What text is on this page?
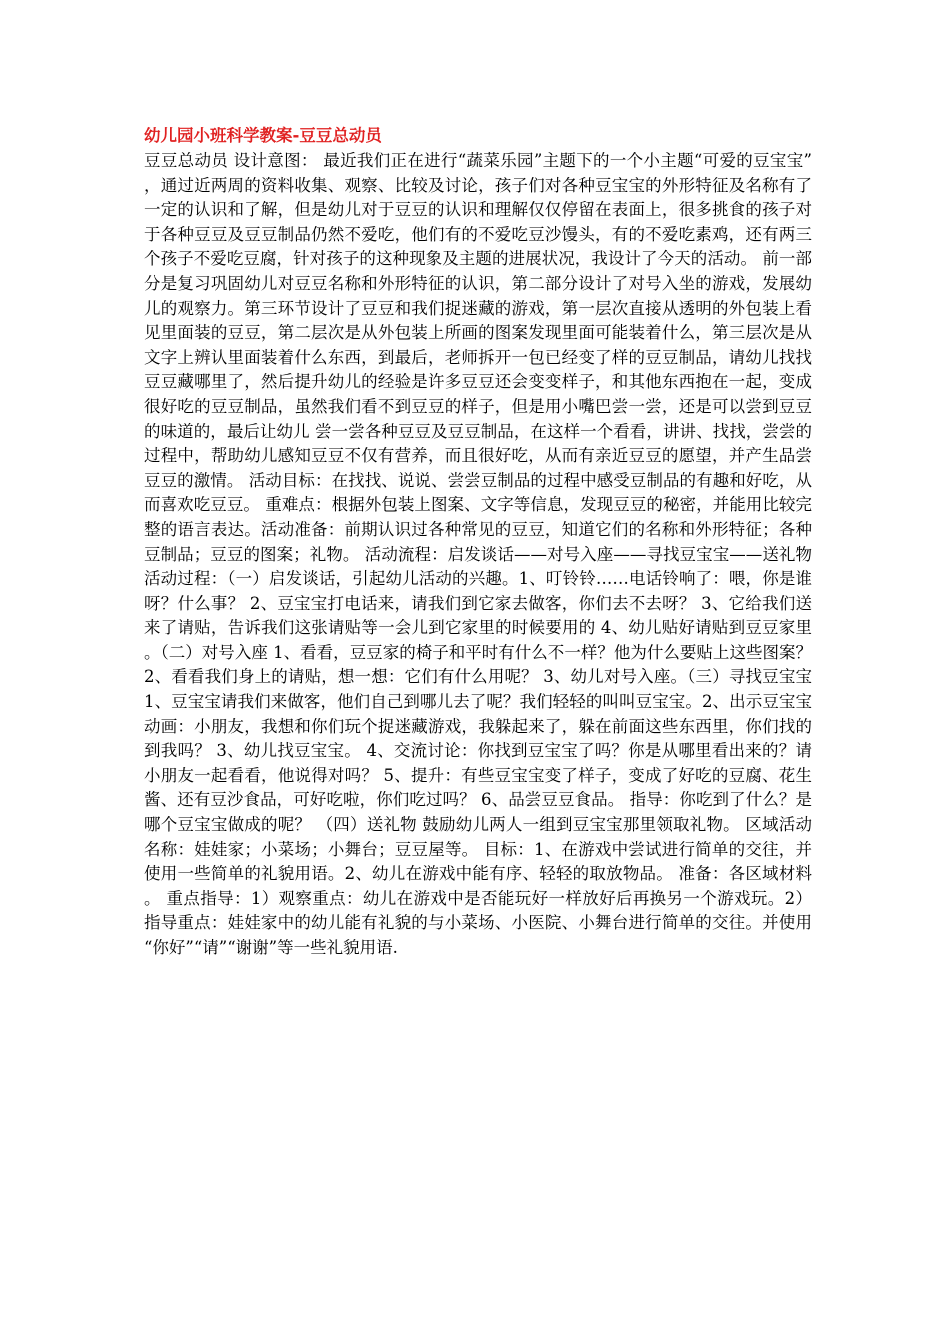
幼儿园小班科学教案-豆豆总动员

豆豆总动员 设计意图： 最近我们正在进行“蔬菜乐园”主题下的一个小主题“可爱的豆宝宝”，通过近两周的资料收集、观察、比较及讨论，孩子们对各种豆宝宝的外形特征及名称有了一定的认识和了解，但是幼儿对于豆豆的认识和理解仅仅停留在表面上，很多挑食的孩子对于各种豆豆及豆豆制品仍然不爱吃，他们有的不爱吃豆沙馒头，有的不爱吃素鸡，还有两三个孩子不爱吃豆腐，针对孩子的这种现象及主题的进展状况，我设计了今天的活动。 前一部分是复习巩固幼儿对豆豆名称和外形特征的认识，第二部分设计了对号入坐的游戏，发展幼儿的观察力。第三环节设计了豆豆和我们捉迷藏的游戏，第一层次直接从透明的外包装上看见里面装的豆豆，第二层次是从外包装上所画的图案发现里面可能装着什么，第三层次是从文字上辨认里面装着什么东西，到最后，老师拆开一包已经变了样的豆豆制品，请幼儿找找豆豆藏哪里了，然后提升幼儿的经验是许多豆豆还会变变样子，和其他东西抱在一起，变成很好吃的豆豆制品，虽然我们看不到豆豆的样子，但是用小嘴巴尝一尝，还是可以尝到豆豆的味道的，最后让幼儿 尝一尝各种豆豆及豆豆制品，在这样一个看看，讲讲、找找，尝尝的过程中，帮助幼儿感知豆豆不仅有营养，而且很好吃，从而有亲近豆豆的愿望，并产生品尝豆豆的激情。 活动目标：在找找、说说、尝尝豆制品的过程中感受豆制品的有趣和好吃，从而喜欢吃豆豆。 重难点：根据外包装上图案、文字等信息，发现豆豆的秘密，并能用比较完整的语言表达。活动准备：前期认识过各种常见的豆豆，知道它们的名称和外形特征；各种豆制品；豆豆的图案；礼物。 活动流程：启发谈话——对号入座——寻找豆宝宝——送礼物 活动过程：（一）启发谈话，引起幼儿活动的兴趣。1、叮铃铃……电话铃响了：喂，你是谁呀？什么事？ 2、豆宝宝打电话来，请我们到它家去做客，你们去不去呀？ 3、它给我们送来了请贴，告诉我们这张请贴等一会儿到它家里的时候要用的 4、幼儿贴好请贴到豆豆家里。（二）对号入座 1、看看，豆豆家的椅子和平时有什么不一样？他为什么要贴上这些图案？ 2、看看我们身上的请贴，想一想：它们有什么用呢？ 3、幼儿对号入座。（三）寻找豆宝宝 1、豆宝宝请我们来做客，他们自己到哪儿去了呢？我们轻轻的叫叫豆宝宝。2、出示豆宝宝动画：小朋友，我想和你们玩个捉迷藏游戏，我躲起来了，躲在前面这些东西里，你们找的到我吗？ 3、幼儿找豆宝宝。 4、交流讨论：你找到豆宝宝了吗？你是从哪里看出来的？请小朋友一起看看，他说得对吗？ 5、提升：有些豆宝宝变了样子，变成了好吃的豆腐、花生酱、还有豆沙食品，可好吃啦，你们吃过吗？ 6、品尝豆豆食品。 指导：你吃到了什么？是哪个豆宝宝做成的呢？ （四）送礼物 鼓励幼儿两人一组到豆宝宝那里领取礼物。 区域活动 名称：娃娃家；小菜场；小舞台；豆豆屋等。 目标：1、在游戏中尝试进行简单的交往，并使用一些简单的礼貌用语。2、幼儿在游戏中能有序、轻轻的取放物品。 准备：各区域材料。 重点指导：1）观察重点：幼儿在游戏中是否能玩好一样放好后再换另一个游戏玩。2）指导重点：娃娃家中的幼儿能有礼貌的与小菜场、小医院、小舞台进行简单的交往。并使用“你好”“请”“谢谢”等一些礼貌用语.
